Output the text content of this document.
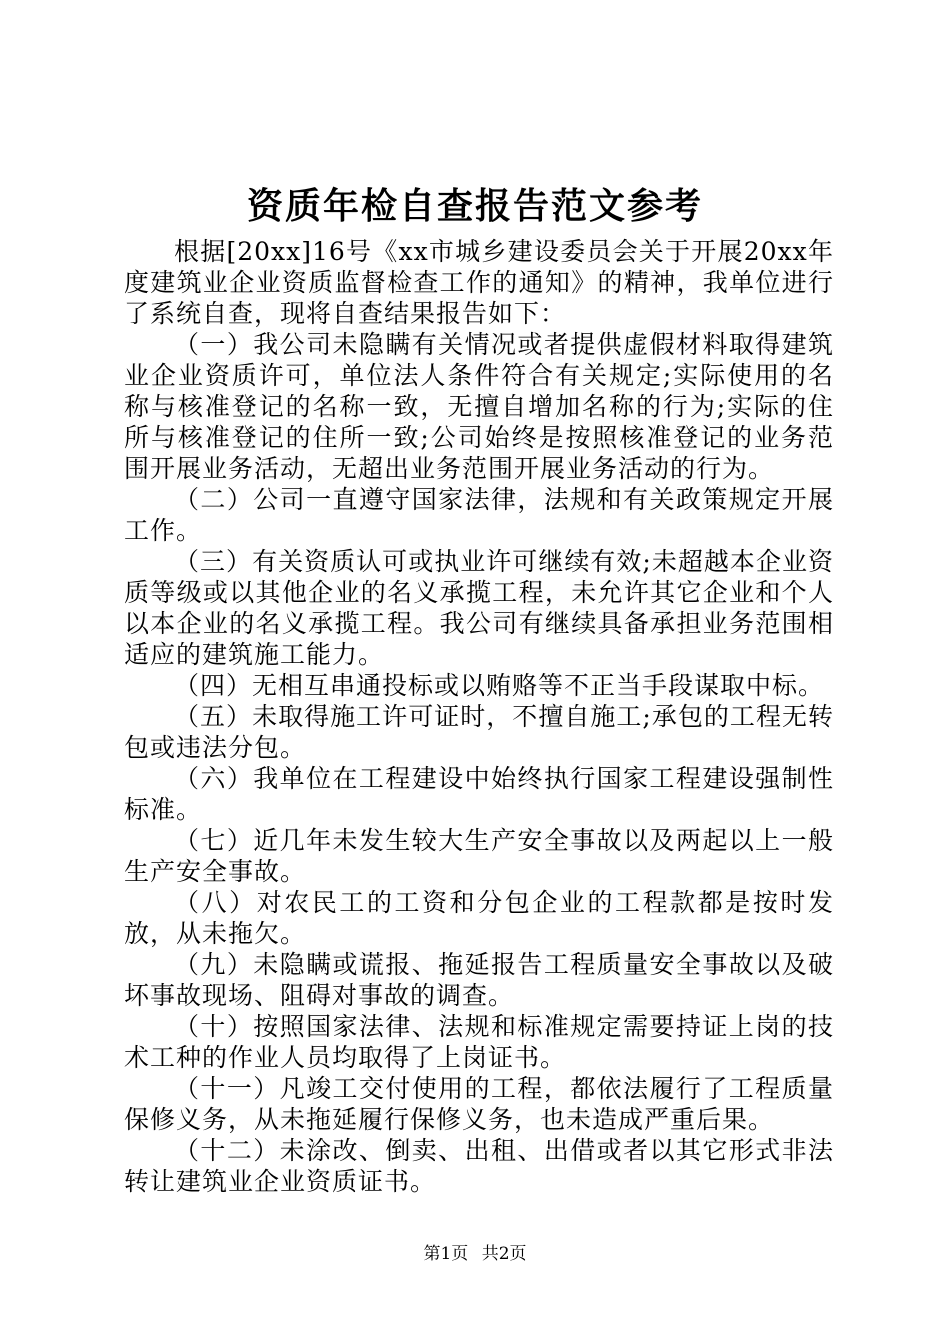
资质年检自查报告范文参考

根据[20xx]16号《xx市城乡建设委员会关于开展20xx年度建筑业企业资质监督检查工作的通知》的精神，我单位进行了系统自查，现将自查结果报告如下：

（一）我公司未隐瞒有关情况或者提供虚假材料取得建筑业企业资质许可，单位法人条件符合有关规定;实际使用的名称与核准登记的名称一致，无擅自增加名称的行为;实际的住所与核准登记的住所一致;公司始终是按照核准登记的业务范围开展业务活动，无超出业务范围开展业务活动的行为。

（二）公司一直遵守国家法律，法规和有关政策规定开展工作。

（三）有关资质认可或执业许可继续有效;未超越本企业资质等级或以其他企业的名义承揽工程，未允许其它企业和个人以本企业的名义承揽工程。我公司有继续具备承担业务范围相适应的建筑施工能力。

（四）无相互串通投标或以贿赂等不正当手段谋取中标。

（五）未取得施工许可证时，不擅自施工;承包的工程无转包或违法分包。

（六）我单位在工程建设中始终执行国家工程建设强制性标准。

（七）近几年未发生较大生产安全事故以及两起以上一般生产安全事故。

（八）对农民工的工资和分包企业的工程款都是按时发放，从未拖欠。

（九）未隐瞒或谎报、拖延报告工程质量安全事故以及破坏事故现场、阻碍对事故的调查。

（十）按照国家法律、法规和标准规定需要持证上岗的技术工种的作业人员均取得了上岗证书。

（十一）凡竣工交付使用的工程，都依法履行了工程质量保修义务，从未拖延履行保修义务，也未造成严重后果。

（十二）未涂改、倒卖、出租、出借或者以其它形式非法转让建筑业企业资质证书。

第1页 共2页
